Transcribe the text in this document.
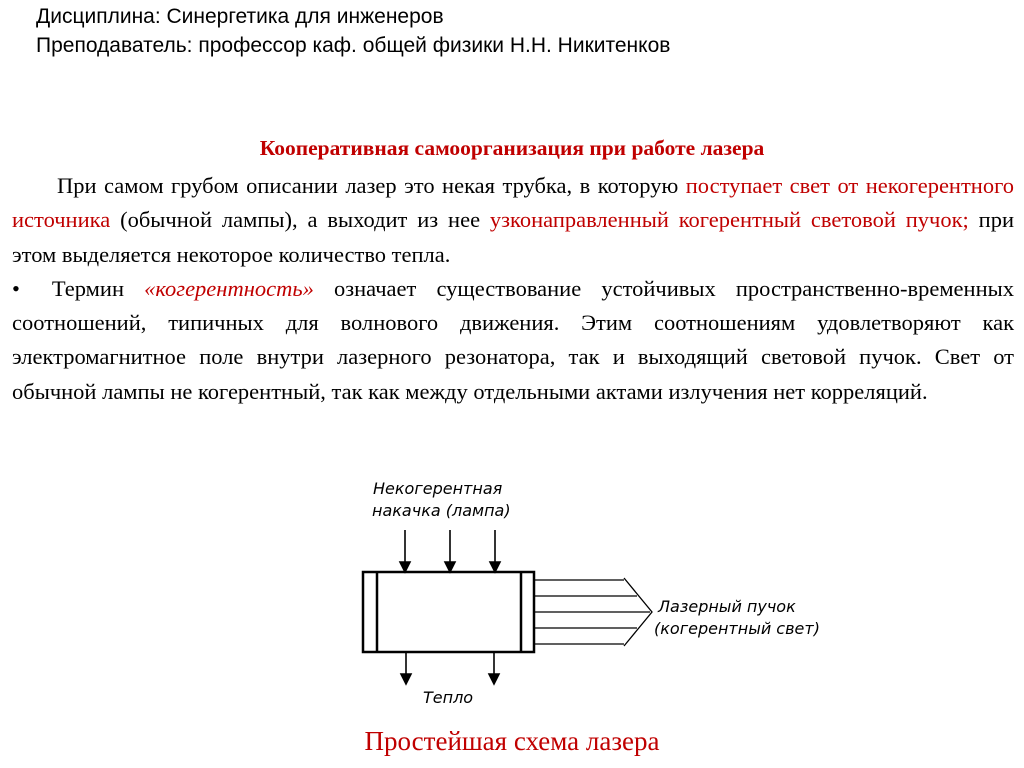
Дисциплина: Синергетика для инженеров
Преподаватель: профессор каф. общей физики Н.Н. Никитенков
Кооперативная самоорганизация при работе лазера

При самом грубом описании лазер это некая трубка, в которую поступает свет от некогерентного источника (обычной лампы), а выходит из нее узконаправленный когерентный световой пучок; при этом выделяется некоторое количество тепла.

• Термин «когерентность» означает существование устойчивых пространственно-временных соотношений, типичных для волнового движения. Этим соотношениям удовлетворяют как электромагнитное поле внутри лазерного резонатора, так и выходящий световой пучок. Свет от обычной лампы не когерентный, так как между отдельными актами излучения нет корреляций.

Некогерентная
накачка (лампа)
Лазерный пучок
(когерентный свет)
Тепло
Простейшая схема лазера
